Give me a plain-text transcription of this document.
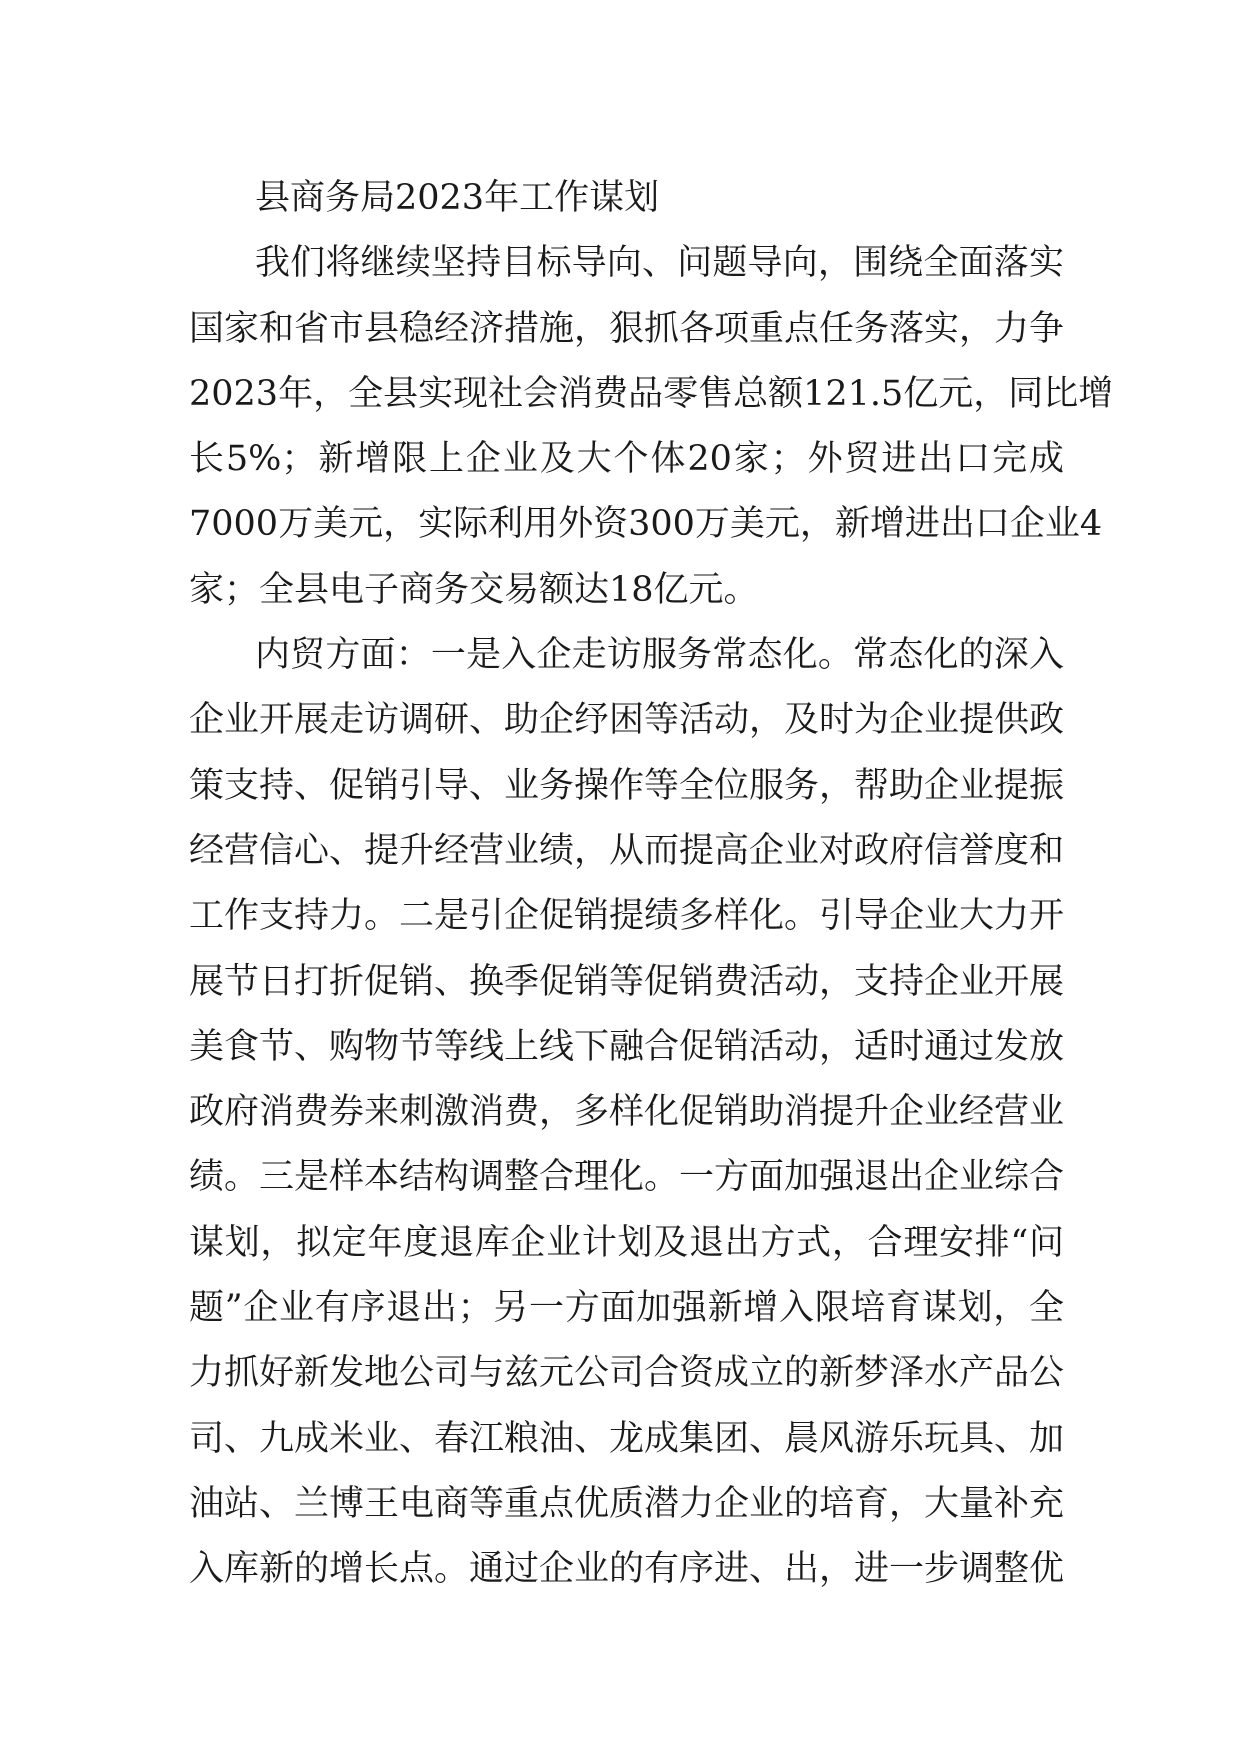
县商务局2023年工作谋划
我们将继续坚持目标导向、问题导向，围绕全面落实
国家和省市县稳经济措施，狠抓各项重点任务落实，力争
2023年，全县实现社会消费品零售总额121.5亿元，同比增
长5%；新增限上企业及大个体20家；外贸进出口完成
7000万美元，实际利用外资300万美元，新增进出口企业4
家；全县电子商务交易额达18亿元。
内贸方面：一是入企走访服务常态化。常态化的深入
企业开展走访调研、助企纾困等活动，及时为企业提供政
策支持、促销引导、业务操作等全位服务，帮助企业提振
经营信心、提升经营业绩，从而提高企业对政府信誉度和
工作支持力。二是引企促销提绩多样化。引导企业大力开
展节日打折促销、换季促销等促销费活动，支持企业开展
美食节、购物节等线上线下融合促销活动，适时通过发放
政府消费券来刺激消费，多样化促销助消提升企业经营业
绩。三是样本结构调整合理化。一方面加强退出企业综合
谋划，拟定年度退库企业计划及退出方式，合理安排“问
题”企业有序退出；另一方面加强新增入限培育谋划，全
力抓好新发地公司与兹元公司合资成立的新梦泽水产品公
司、九成米业、春江粮油、龙成集团、晨风游乐玩具、加
油站、兰博王电商等重点优质潜力企业的培育，大量补充
入库新的增长点。通过企业的有序进、出，进一步调整优
